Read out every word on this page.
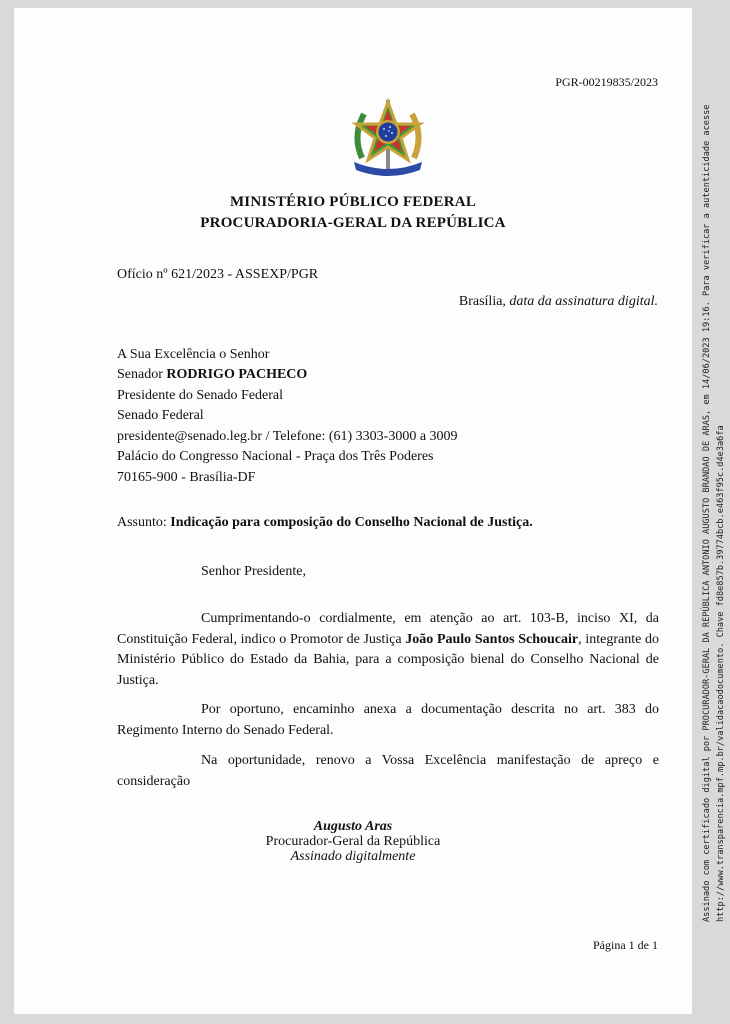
PGR-00219835/2023
MINISTÉRIO PÚBLICO FEDERAL
PROCURADORIA-GERAL DA REPÚBLICA
Ofício nº 621/2023 - ASSEXP/PGR
Brasília, data da assinatura digital.
A Sua Excelência o Senhor
Senador RODRIGO PACHECO
Presidente do Senado Federal
Senado Federal
presidente@senado.leg.br / Telefone: (61) 3303-3000 a 3009
Palácio do Congresso Nacional - Praça dos Três Poderes
70165-900 - Brasília-DF
Assunto: Indicação para composição do Conselho Nacional de Justiça.
Senhor Presidente,
Cumprimentando-o cordialmente, em atenção ao art. 103-B, inciso XI, da Constituição Federal, indico o Promotor de Justiça João Paulo Santos Schoucair, integrante do Ministério Público do Estado da Bahia, para a composição bienal do Conselho Nacional de Justiça.
Por oportuno, encaminho anexa a documentação descrita no art. 383 do Regimento Interno do Senado Federal.
Na oportunidade, renovo a Vossa Excelência manifestação de apreço e consideração
Augusto Aras
Procurador-Geral da República
Assinado digitalmente
Página 1 de 1
Assinado com certificado digital por PROCURADOR-GERAL DA REPÚBLICA ANTONIO AUGUSTO BRANDAO DE ARAS, em 14/06/2023 19:16. Para verificar a autenticidade acesse http://www.transparencia.mpf.mp.br/validacaodocumento. Chave fd8e857b.39774bcb.e463f95c.d4e3a6fa
